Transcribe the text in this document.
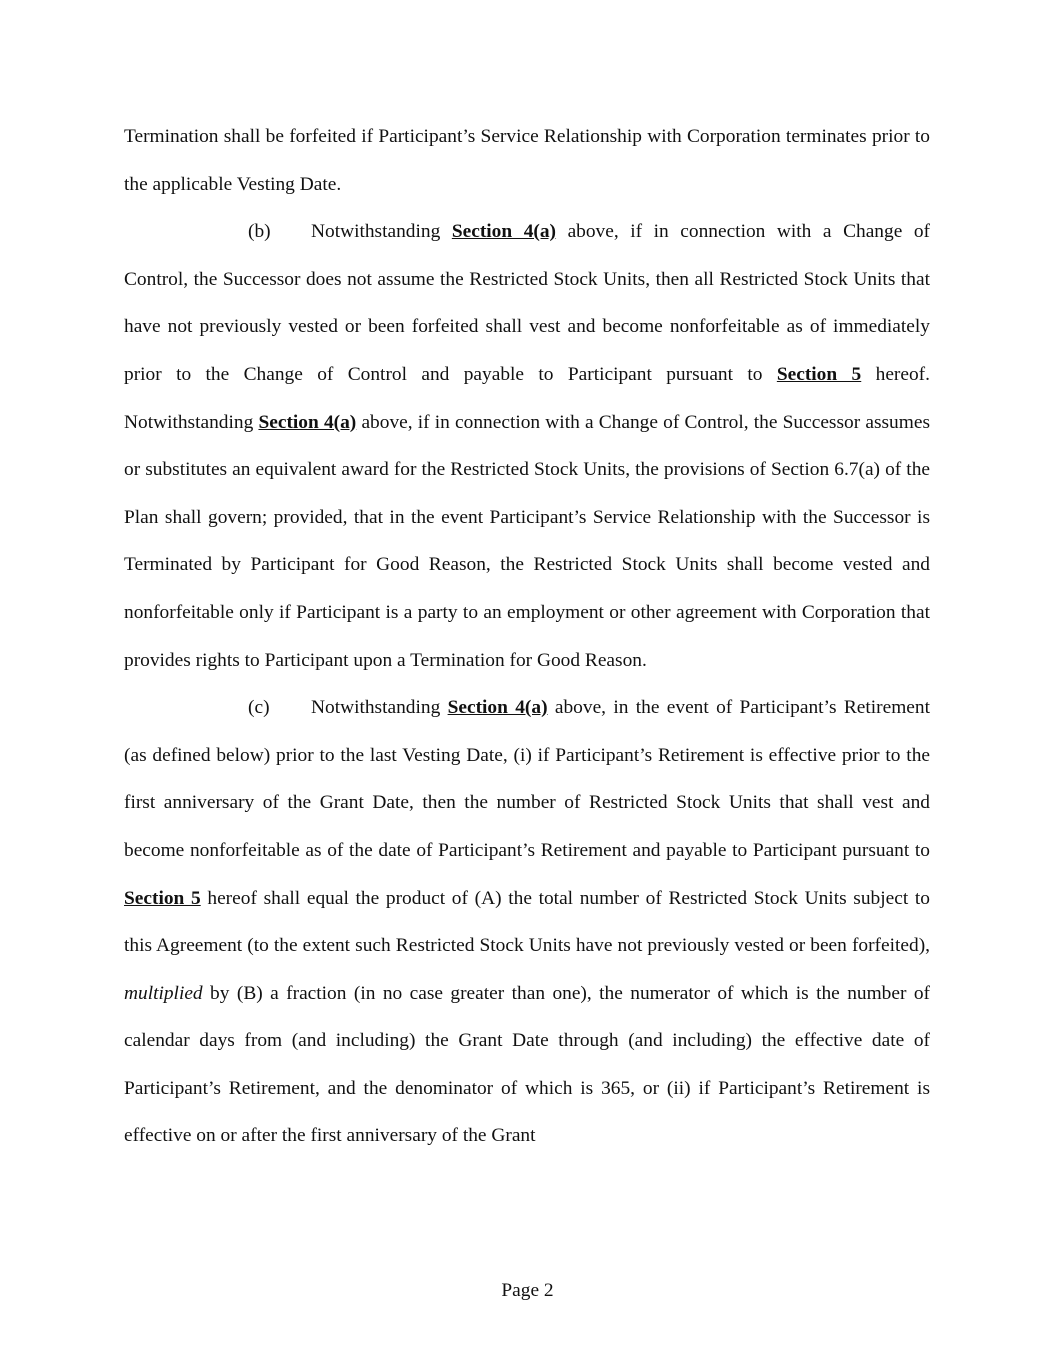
Termination shall be forfeited if Participant’s Service Relationship with Corporation terminates prior to the applicable Vesting Date.

(b) Notwithstanding Section 4(a) above, if in connection with a Change of Control, the Successor does not assume the Restricted Stock Units, then all Restricted Stock Units that have not previously vested or been forfeited shall vest and become nonforfeitable as of immediately prior to the Change of Control and payable to Participant pursuant to Section 5 hereof. Notwithstanding Section 4(a) above, if in connection with a Change of Control, the Successor assumes or substitutes an equivalent award for the Restricted Stock Units, the provisions of Section 6.7(a) of the Plan shall govern; provided, that in the event Participant’s Service Relationship with the Successor is Terminated by Participant for Good Reason, the Restricted Stock Units shall become vested and nonforfeitable only if Participant is a party to an employment or other agreement with Corporation that provides rights to Participant upon a Termination for Good Reason.

(c) Notwithstanding Section 4(a) above, in the event of Participant’s Retirement (as defined below) prior to the last Vesting Date, (i) if Participant’s Retirement is effective prior to the first anniversary of the Grant Date, then the number of Restricted Stock Units that shall vest and become nonforfeitable as of the date of Participant’s Retirement and payable to Participant pursuant to Section 5 hereof shall equal the product of (A) the total number of Restricted Stock Units subject to this Agreement (to the extent such Restricted Stock Units have not previously vested or been forfeited), multiplied by (B) a fraction (in no case greater than one), the numerator of which is the number of calendar days from (and including) the Grant Date through (and including) the effective date of Participant’s Retirement, and the denominator of which is 365, or (ii) if Participant’s Retirement is effective on or after the first anniversary of the Grant

Page 2
